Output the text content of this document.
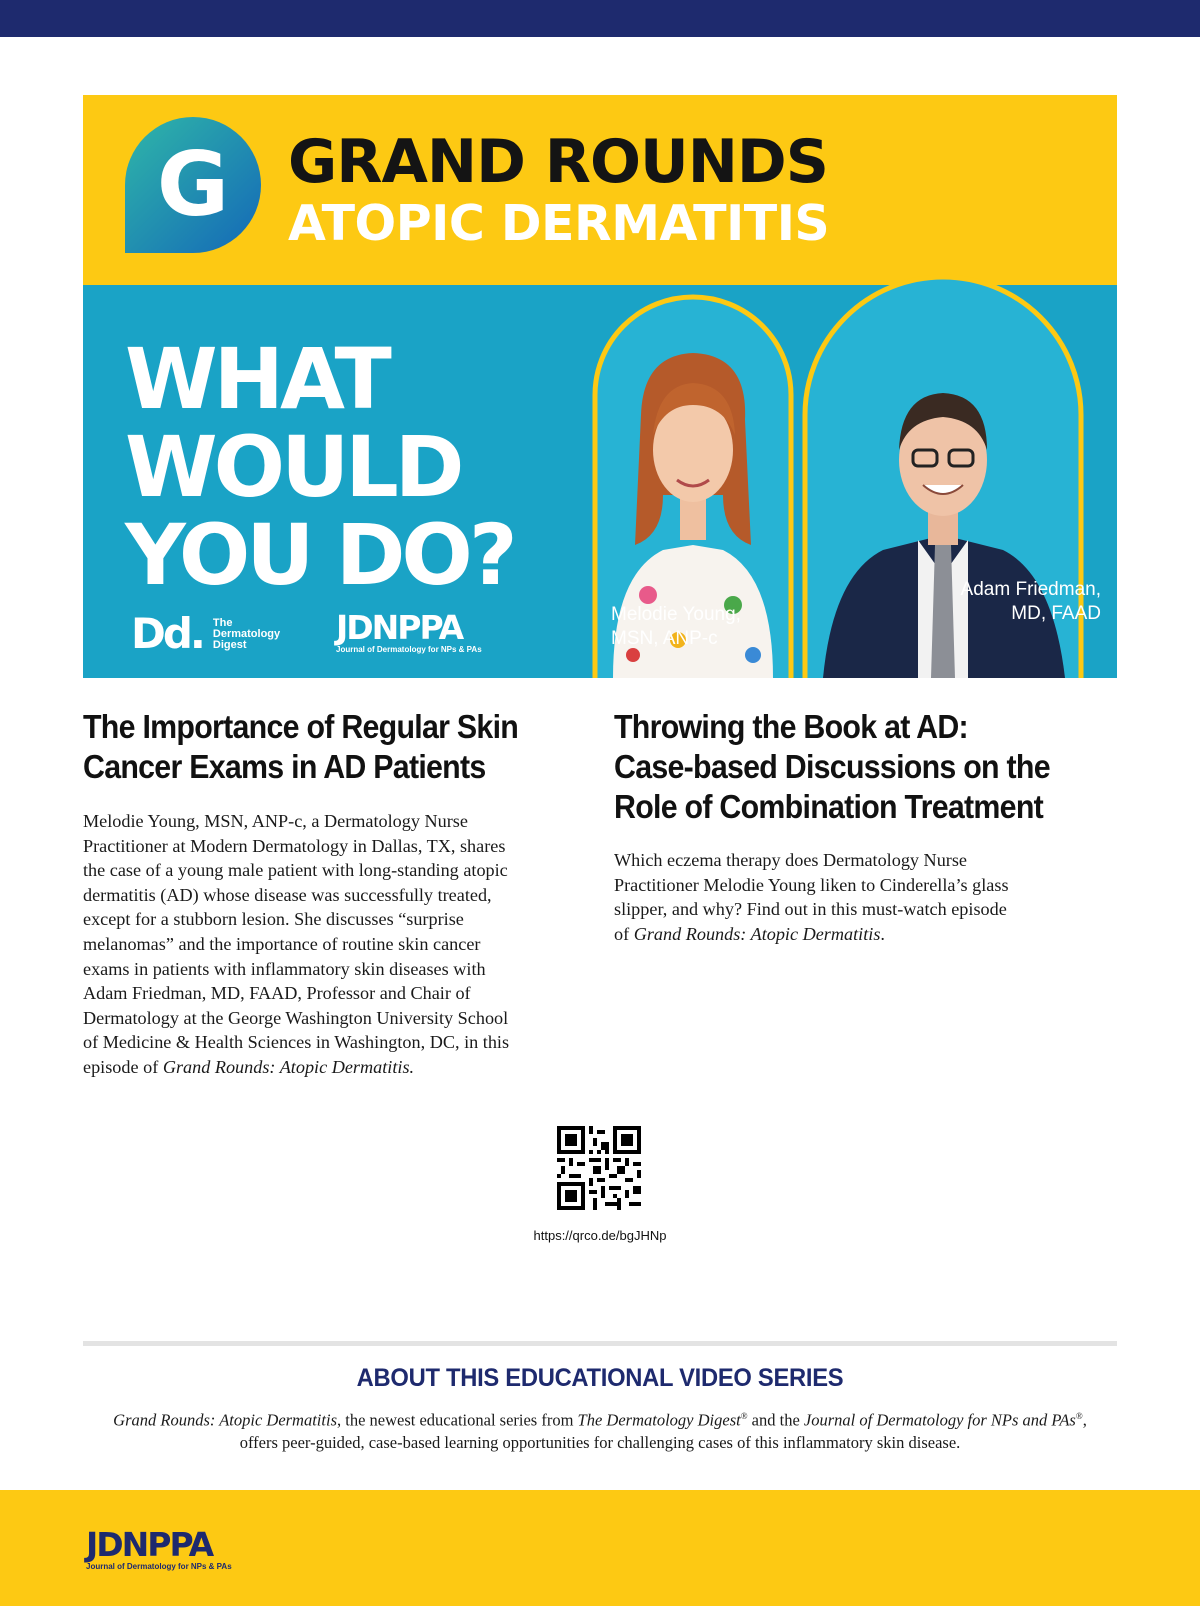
G GRAND ROUNDS
ATOPIC DERMATITIS
WHAT
WOULD
YOU DO?
Dd. The
Dermatology
Digest	JDNPPA
Journal of Dermatology for NPs & PAs
Melodie Young,
MSN, ANP-c
Adam Friedman,
MD, FAAD
The Importance of Regular Skin
Cancer Exams in AD Patients
Melodie Young, MSN, ANP-c, a Dermatology Nurse
Practitioner at Modern Dermatology in Dallas, TX, shares
the case of a young male patient with long-standing atopic
dermatitis (AD) whose disease was successfully treated,
except for a stubborn lesion. She discusses “surprise
melanomas” and the importance of routine skin cancer
exams in patients with inflammatory skin diseases with
Adam Friedman, MD, FAAD, Professor and Chair of
Dermatology at the George Washington University School
of Medicine & Health Sciences in Washington, DC, in this
episode of Grand Rounds: Atopic Dermatitis.
Throwing the Book at AD:
Case-based Discussions on the
Role of Combination Treatment
Which eczema therapy does Dermatology Nurse
Practitioner Melodie Young liken to Cinderella’s glass
slipper, and why? Find out in this must-watch episode
of Grand Rounds: Atopic Dermatitis.
https://qrco.de/bgJHNp
ABOUT THIS EDUCATIONAL VIDEO SERIES
Grand Rounds: Atopic Dermatitis, the newest educational series from The Dermatology Digest® and the Journal of Dermatology for NPs and PAs®,
offers peer-guided, case-based learning opportunities for challenging cases of this inflammatory skin disease.
JDNPPA
Journal of Dermatology for NPs & PAs
